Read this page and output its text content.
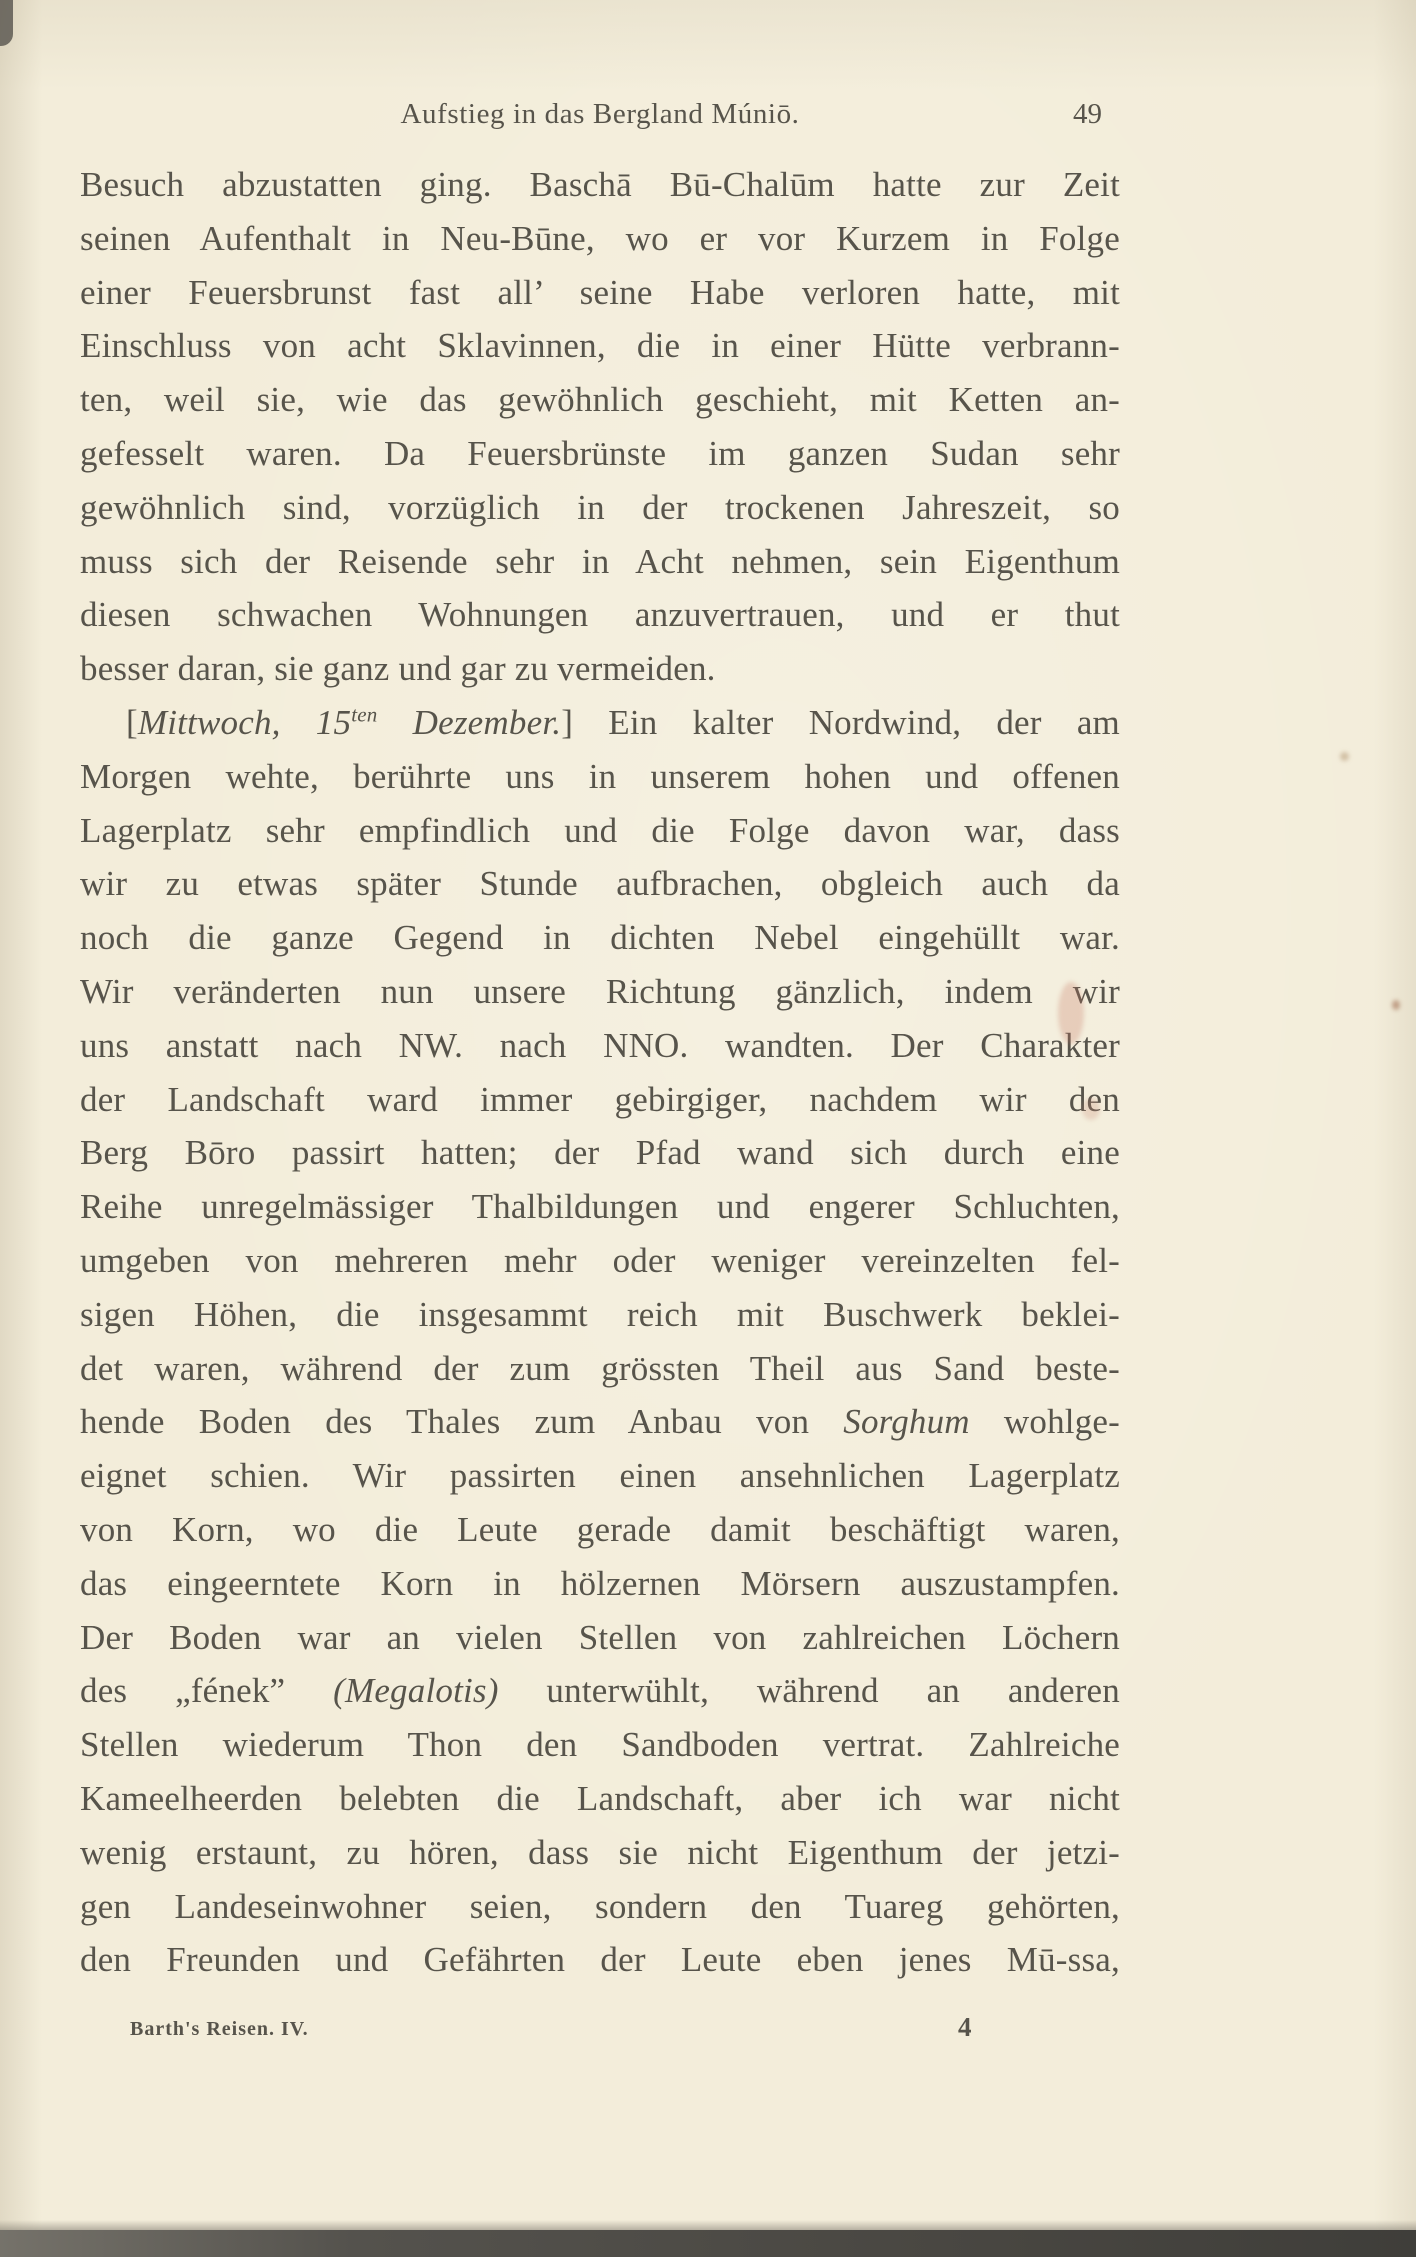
Aufstieg in das Bergland Múniō.	49
Besuch abzustatten ging. Baschā Bū-Chalūm hatte zur Zeit
seinen Aufenthalt in Neu-Būne, wo er vor Kurzem in Folge
einer Feuersbrunst fast all’ seine Habe verloren hatte, mit
Einschluss von acht Sklavinnen, die in einer Hütte verbrann-
ten, weil sie, wie das gewöhnlich geschieht, mit Ketten an-
gefesselt waren. Da Feuersbrünste im ganzen Sudan sehr
gewöhnlich sind, vorzüglich in der trockenen Jahreszeit, so
muss sich der Reisende sehr in Acht nehmen, sein Eigenthum
diesen schwachen Wohnungen anzuvertrauen, und er thut
besser daran, sie ganz und gar zu vermeiden.
[Mittwoch, $15^{ten}$ Dezember.] Ein kalter Nordwind, der am
Morgen wehte, berührte uns in unserem hohen und offenen
Lagerplatz sehr empfindlich und die Folge davon war, dass
wir zu etwas später Stunde aufbrachen, obgleich auch da
noch die ganze Gegend in dichten Nebel eingehüllt war.
Wir veränderten nun unsere Richtung gänzlich, indem wir
uns anstatt nach NW. nach NNO. wandten. Der Charakter
der Landschaft ward immer gebirgiger, nachdem wir den
Berg Bōro passirt hatten; der Pfad wand sich durch eine
Reihe unregelmässiger Thalbildungen und engerer Schluchten,
umgeben von mehreren mehr oder weniger vereinzelten fel-
sigen Höhen, die insgesammt reich mit Buschwerk beklei-
det waren, während der zum grössten Theil aus Sand beste-
hende Boden des Thales zum Anbau von Sorghum wohlge-
eignet schien. Wir passirten einen ansehnlichen Lagerplatz
von Korn, wo die Leute gerade damit beschäftigt waren,
das eingeerntete Korn in hölzernen Mörsern auszustampfen.
Der Boden war an vielen Stellen von zahlreichen Löchern
des „fének” (Megalotis) unterwühlt, während an anderen
Stellen wiederum Thon den Sandboden vertrat. Zahlreiche
Kameelheerden belebten die Landschaft, aber ich war nicht
wenig erstaunt, zu hören, dass sie nicht Eigenthum der jetzi-
gen Landeseinwohner seien, sondern den Tuareg gehörten,
den Freunden und Gefährten der Leute eben jenes Mū-ssa,
Barth's Reisen. IV.	4
